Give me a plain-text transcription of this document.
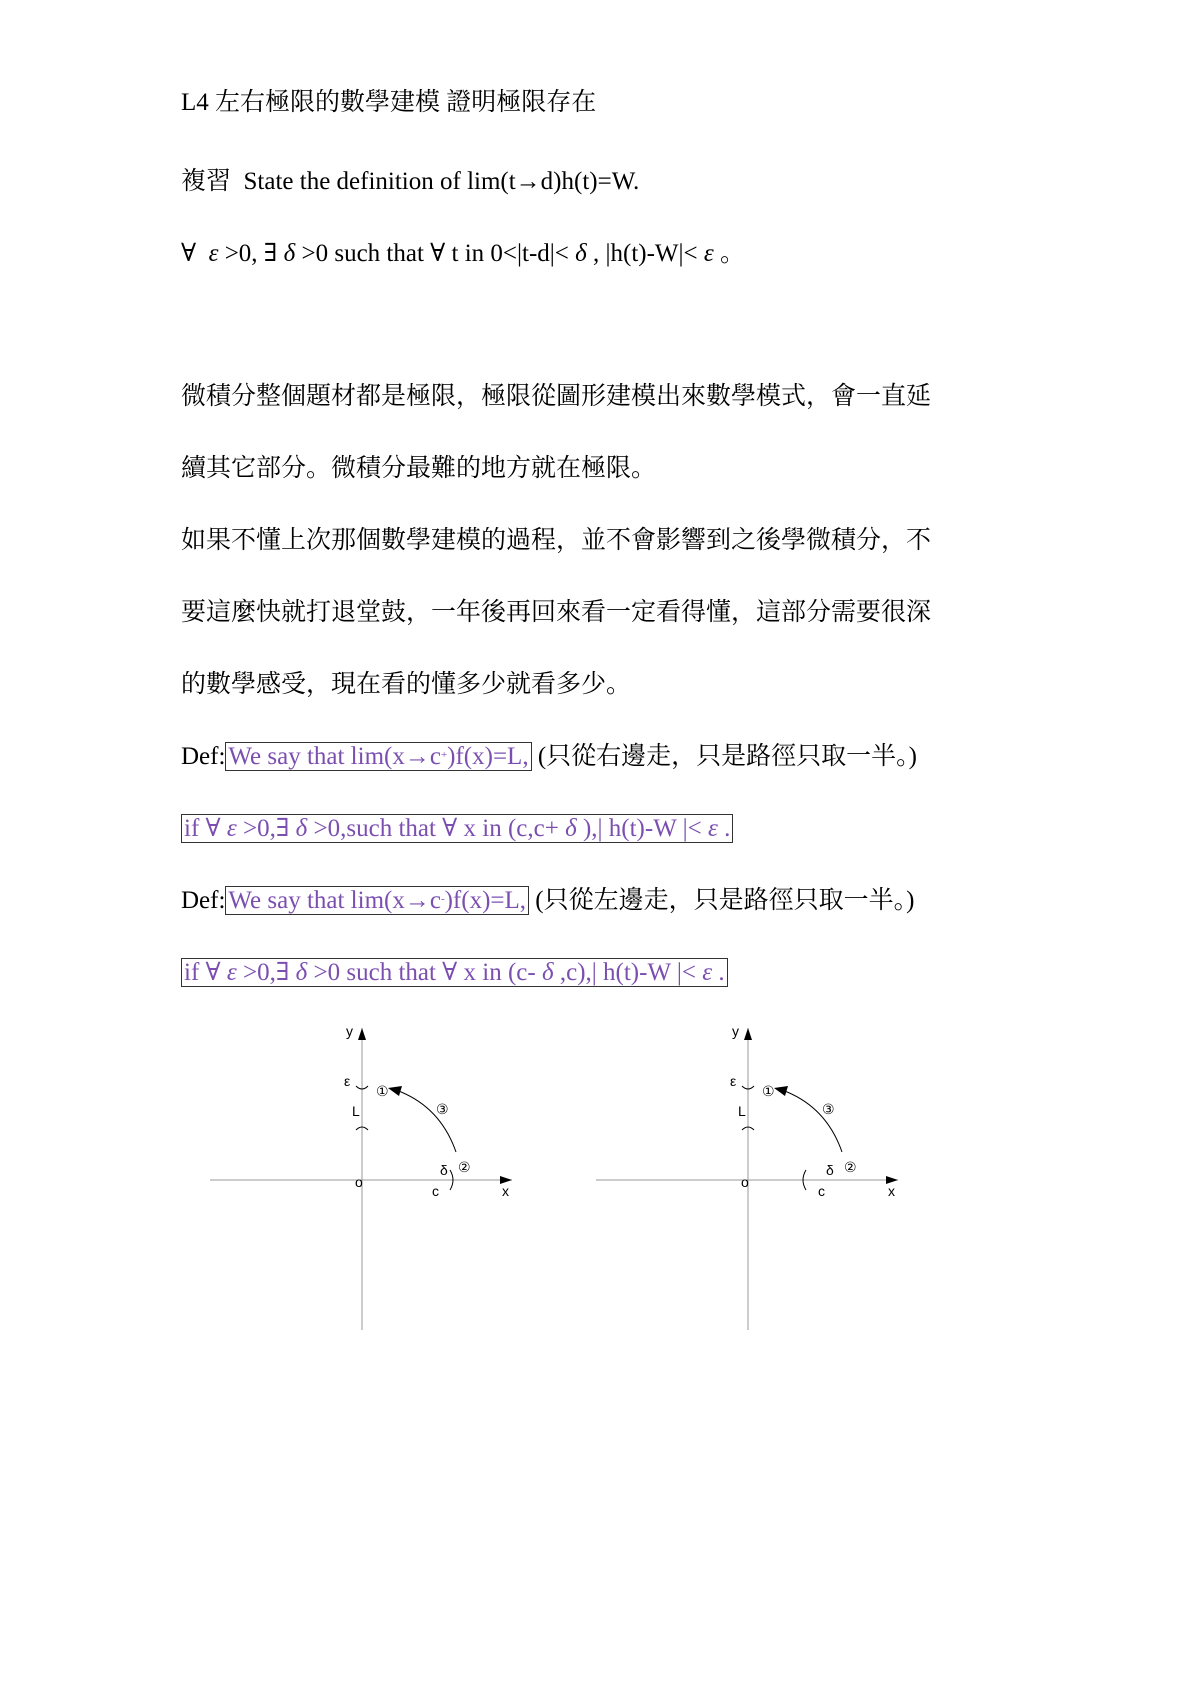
L4 左右極限的數學建模 證明極限存在
複習 State the definition of lim(t→d)h(t)=W.
∀ ε >0, ∃ δ >0 such that ∀ t in 0<|t-d|< δ , |h(t)-W|< ε 。
微積分整個題材都是極限，極限從圖形建模出來數學模式，會一直延
續其它部分。微積分最難的地方就在極限。
如果不懂上次那個數學建模的過程，並不會影響到之後學微積分，不
要這麼快就打退堂鼓，一年後再回來看一定看得懂，這部分需要很深
的數學感受，現在看的懂多少就看多少。
Def: We say that lim(x→c+)f(x)=L, (只從右邊走，只是路徑只取一半。)
if ∀ ε >0,∃ δ >0,such that ∀ x in (c,c+ δ ),| h(t)-W |< ε .
Def: We say that lim(x→c-)f(x)=L, (只從左邊走，只是路徑只取一半。)
if ∀ ε >0,∃ δ >0 such that ∀ x in (c- δ ,c),| h(t)-W |< ε .
y
x
o
ε
L
①
③
②
δ
c
y
x
o
ε
L
①
③
②
δ
c
